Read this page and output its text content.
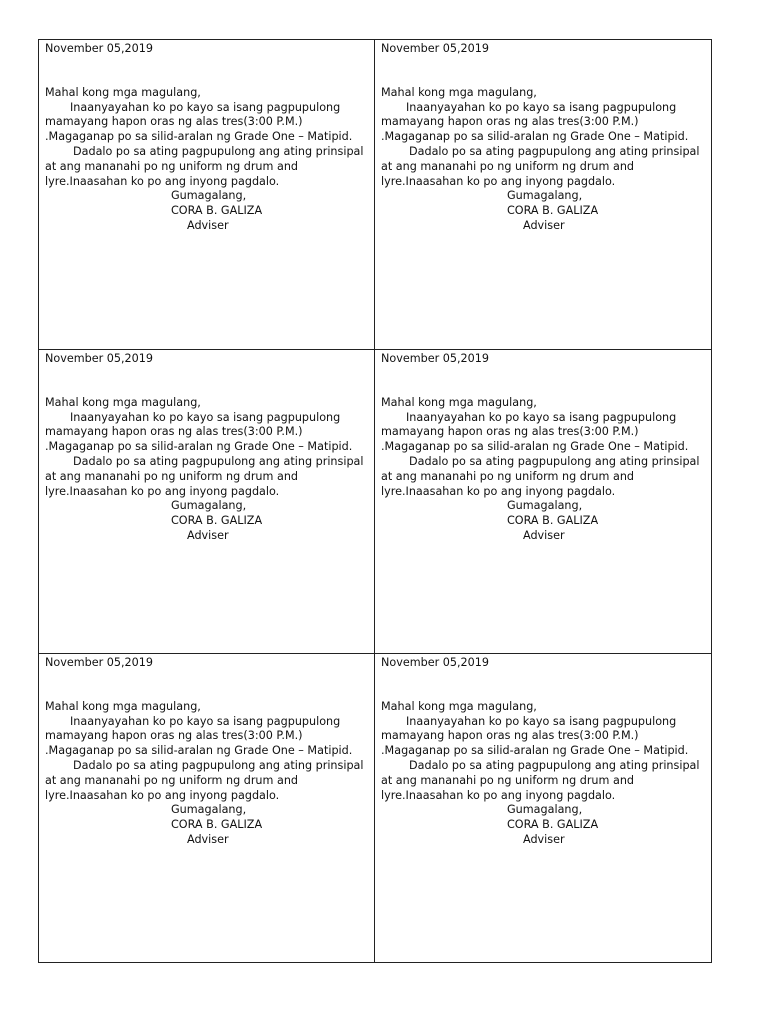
November 05,2019
Mahal kong mga magulang,
Inaanyayahan ko po kayo sa isang pagpupulong
mamayang hapon oras ng alas tres(3:00 P.M.)
.Magaganap po sa silid-aralan ng Grade One – Matipid.
Dadalo po sa ating pagpupulong ang ating prinsipal
at ang mananahi po ng uniform ng drum and
lyre.Inaasahan ko po ang inyong pagdalo.
Gumagalang,
CORA B. GALIZA
Adviser
November 05,2019
Mahal kong mga magulang,
Inaanyayahan ko po kayo sa isang pagpupulong
mamayang hapon oras ng alas tres(3:00 P.M.)
.Magaganap po sa silid-aralan ng Grade One – Matipid.
Dadalo po sa ating pagpupulong ang ating prinsipal
at ang mananahi po ng uniform ng drum and
lyre.Inaasahan ko po ang inyong pagdalo.
Gumagalang,
CORA B. GALIZA
Adviser
November 05,2019
Mahal kong mga magulang,
Inaanyayahan ko po kayo sa isang pagpupulong
mamayang hapon oras ng alas tres(3:00 P.M.)
.Magaganap po sa silid-aralan ng Grade One – Matipid.
Dadalo po sa ating pagpupulong ang ating prinsipal
at ang mananahi po ng uniform ng drum and
lyre.Inaasahan ko po ang inyong pagdalo.
Gumagalang,
CORA B. GALIZA
Adviser
November 05,2019
Mahal kong mga magulang,
Inaanyayahan ko po kayo sa isang pagpupulong
mamayang hapon oras ng alas tres(3:00 P.M.)
.Magaganap po sa silid-aralan ng Grade One – Matipid.
Dadalo po sa ating pagpupulong ang ating prinsipal
at ang mananahi po ng uniform ng drum and
lyre.Inaasahan ko po ang inyong pagdalo.
Gumagalang,
CORA B. GALIZA
Adviser
November 05,2019
Mahal kong mga magulang,
Inaanyayahan ko po kayo sa isang pagpupulong
mamayang hapon oras ng alas tres(3:00 P.M.)
.Magaganap po sa silid-aralan ng Grade One – Matipid.
Dadalo po sa ating pagpupulong ang ating prinsipal
at ang mananahi po ng uniform ng drum and
lyre.Inaasahan ko po ang inyong pagdalo.
Gumagalang,
CORA B. GALIZA
Adviser
November 05,2019
Mahal kong mga magulang,
Inaanyayahan ko po kayo sa isang pagpupulong
mamayang hapon oras ng alas tres(3:00 P.M.)
.Magaganap po sa silid-aralan ng Grade One – Matipid.
Dadalo po sa ating pagpupulong ang ating prinsipal
at ang mananahi po ng uniform ng drum and
lyre.Inaasahan ko po ang inyong pagdalo.
Gumagalang,
CORA B. GALIZA
Adviser
